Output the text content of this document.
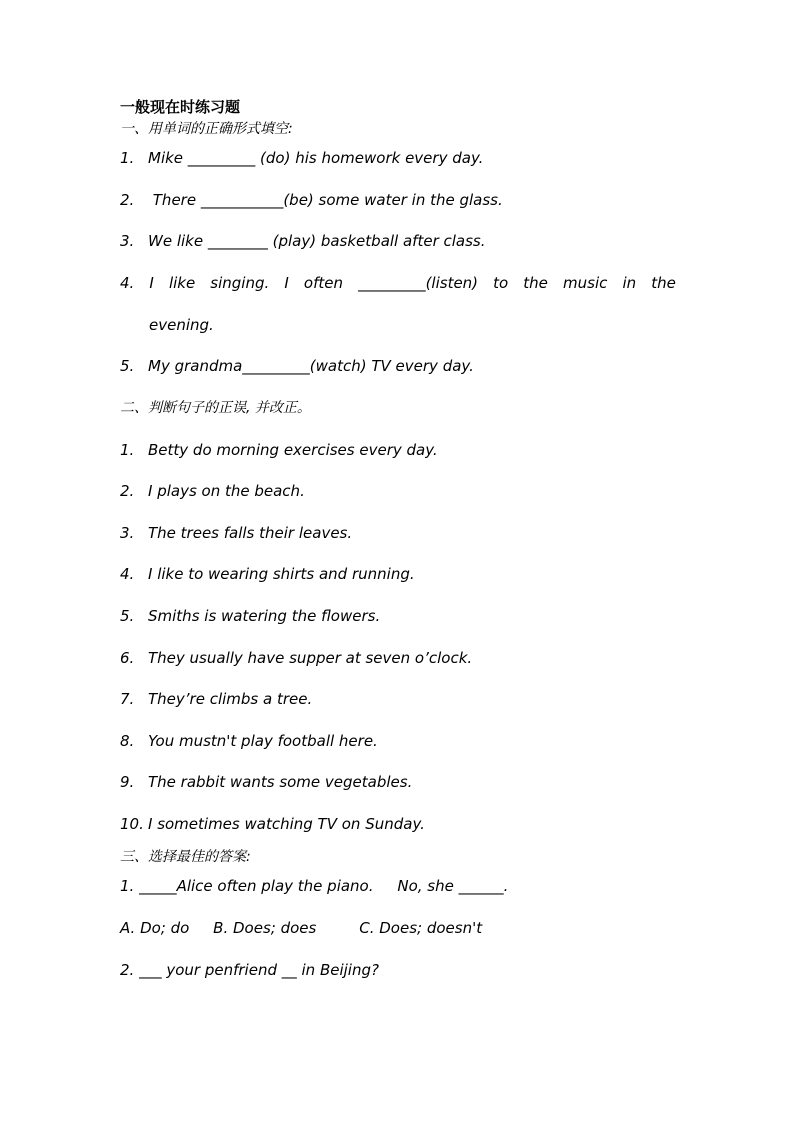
一般现在时练习题
一、用单词的正确形式填空:
1. Mike _________ (do) his homework every day.
2. There ___________(be) some water in the glass.
3. We like ________ (play) basketball after class.
4. I like singing. I often _________(listen) to the music in the
evening.
5. My grandma_________(watch) TV every day.
二、判断句子的正误, 并改正。
1. Betty do morning exercises every day.
2. I plays on the beach.
3. The trees falls their leaves.
4. I like to wearing shirts and running.
5. Smiths is watering the flowers.
6. They usually have supper at seven o’clock.
7. They’re climbs a tree.
8. You mustn't play football here.
9. The rabbit wants some vegetables.
10. I sometimes watching TV on Sunday.
三、选择最佳的答案:
1. _____Alice often play the piano.     No, she ______.
A. Do; do     B. Does; does         C. Does; doesn't
2. ___ your penfriend __ in Beijing?
